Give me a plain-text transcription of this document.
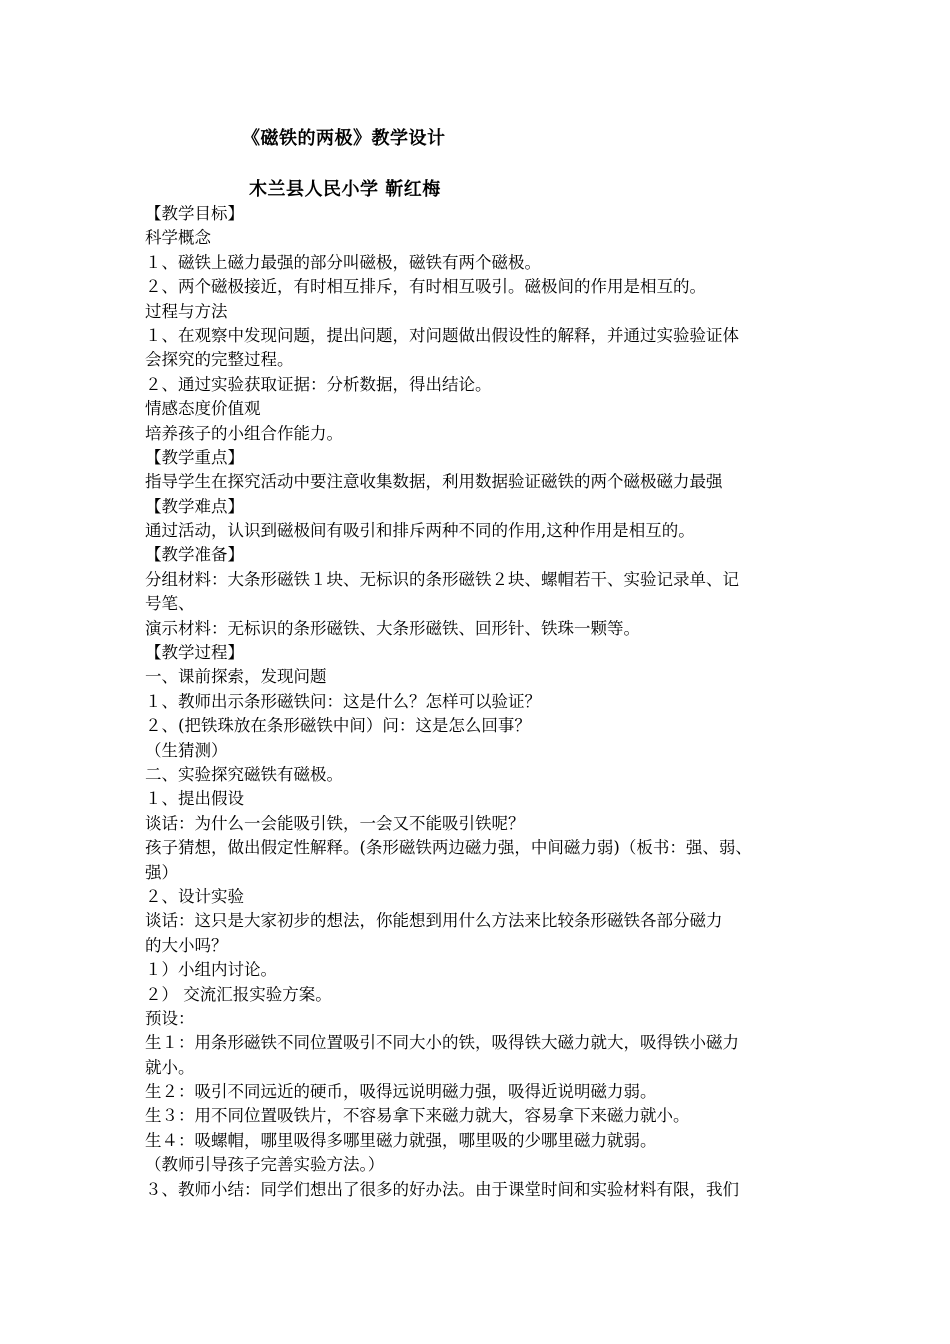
《磁铁的两极》教学设计
木兰县人民小学 靳红梅
【教学目标】
科学概念
１、磁铁上磁力最强的部分叫磁极，磁铁有两个磁极。
２、两个磁极接近，有时相互排斥，有时相互吸引。磁极间的作用是相互的。
过程与方法
１、在观察中发现问题，提出问题，对问题做出假设性的解释，并通过实验验证体
会探究的完整过程。
２、通过实验获取证据：分析数据，得出结论。
情感态度价值观
培养孩子的小组合作能力。
【教学重点】
指导学生在探究活动中要注意收集数据，利用数据验证磁铁的两个磁极磁力最强
【教学难点】
通过活动，认识到磁极间有吸引和排斥两种不同的作用,这种作用是相互的。
【教学准备】
分组材料：大条形磁铁１块、无标识的条形磁铁２块、螺帽若干、实验记录单、记
号笔、
演示材料：无标识的条形磁铁、大条形磁铁、回形针、铁珠一颗等。
【教学过程】
一、课前探索，发现问题
１、教师出示条形磁铁问：这是什么？怎样可以验证？
２、(把铁珠放在条形磁铁中间）问：这是怎么回事？
（生猜测）
二、实验探究磁铁有磁极。
１、提出假设
谈话：为什么一会能吸引铁，一会又不能吸引铁呢？
孩子猜想，做出假定性解释。(条形磁铁两边磁力强，中间磁力弱)（板书：强、弱、
强）
２、设计实验
谈话：这只是大家初步的想法，你能想到用什么方法来比较条形磁铁各部分磁力
的大小吗？
１）小组内讨论。
２） 交流汇报实验方案。
预设：
生１：用条形磁铁不同位置吸引不同大小的铁，吸得铁大磁力就大，吸得铁小磁力
就小。
生２：吸引不同远近的硬币，吸得远说明磁力强，吸得近说明磁力弱。
生３：用不同位置吸铁片，不容易拿下来磁力就大，容易拿下来磁力就小。
生４：吸螺帽，哪里吸得多哪里磁力就强，哪里吸的少哪里磁力就弱。
（教师引导孩子完善实验方法。）
３、教师小结：同学们想出了很多的好办法。由于课堂时间和实验材料有限，我们
